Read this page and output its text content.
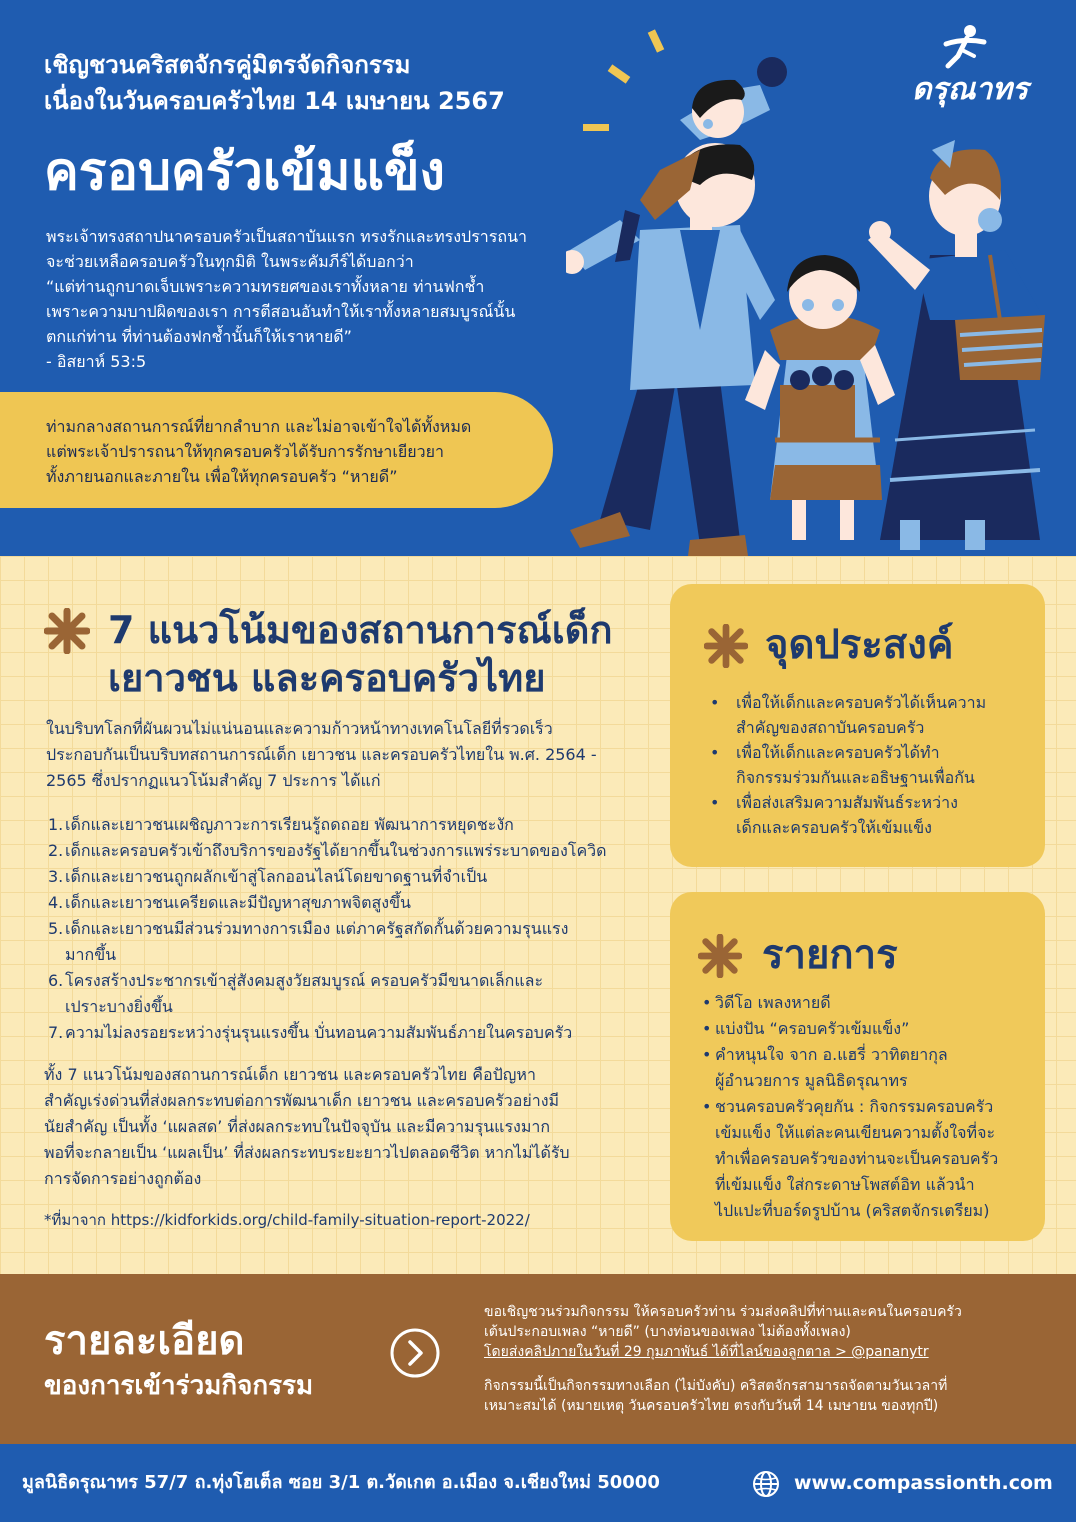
เชิญชวนคริสตจักรคู่มิตรจัดกิจกรรม
เนื่องในวันครอบครัวไทย 14 เมษายน 2567
ครอบครัวเข้มแข็ง
พระเจ้าทรงสถาปนาครอบครัวเป็นสถาบันแรก ทรงรักและทรงปรารถนา
จะช่วยเหลือครอบครัวในทุกมิติ ในพระคัมภีร์ได้บอกว่า
“แต่ท่านถูกบาดเจ็บเพราะความทรยศของเราทั้งหลาย ท่านฟกช้ำ
เพราะความบาปผิดของเรา การตีสอนอันทำให้เราทั้งหลายสมบูรณ์นั้น
ตกแก่ท่าน ที่ท่านต้องฟกช้ำนั้นก็ให้เราหายดี”
- อิสยาห์ 53:5
ท่ามกลางสถานการณ์ที่ยากลำบาก และไม่อาจเข้าใจได้ทั้งหมด
แต่พระเจ้าปรารถนาให้ทุกครอบครัวได้รับการรักษาเยียวยา
ทั้งภายนอกและภายใน เพื่อให้ทุกครอบครัว “หายดี”
ดรุณาทร
7 แนวโน้มของสถานการณ์เด็ก
เยาวชน และครอบครัวไทย
ในบริบทโลกที่ผันผวนไม่แน่นอนและความก้าวหน้าทางเทคโนโลยีที่รวดเร็ว
ประกอบกันเป็นบริบทสถานการณ์เด็ก เยาวชน และครอบครัวไทยใน พ.ศ. 2564 -
2565 ซึ่งปรากฏแนวโน้มสำคัญ 7 ประการ ได้แก่
1. เด็กและเยาวชนเผชิญภาวะการเรียนรู้ถดถอย พัฒนาการหยุดชะงัก
2. เด็กและครอบครัวเข้าถึงบริการของรัฐได้ยากขึ้นในช่วงการแพร่ระบาดของโควิด
3. เด็กและเยาวชนถูกผลักเข้าสู่โลกออนไลน์โดยขาดฐานที่จำเป็น
4. เด็กและเยาวชนเครียดและมีปัญหาสุขภาพจิตสูงขึ้น
5. เด็กและเยาวชนมีส่วนร่วมทางการเมือง แต่ภาครัฐสกัดกั้นด้วยความรุนแรง
มากขึ้น
6. โครงสร้างประชากรเข้าสู่สังคมสูงวัยสมบูรณ์ ครอบครัวมีขนาดเล็กและ
เปราะบางยิ่งขึ้น
7. ความไม่ลงรอยระหว่างรุ่นรุนแรงขึ้น บั่นทอนความสัมพันธ์ภายในครอบครัว
ทั้ง 7 แนวโน้มของสถานการณ์เด็ก เยาวชน และครอบครัวไทย คือปัญหา
สำคัญเร่งด่วนที่ส่งผลกระทบต่อการพัฒนาเด็ก เยาวชน และครอบครัวอย่างมี
นัยสำคัญ เป็นทั้ง ‘แผลสด’ ที่ส่งผลกระทบในปัจจุบัน และมีความรุนแรงมาก
พอที่จะกลายเป็น ‘แผลเป็น’ ที่ส่งผลกระทบระยะยาวไปตลอดชีวิต หากไม่ได้รับ
การจัดการอย่างถูกต้อง
*ที่มาจาก https://kidforkids.org/child-family-situation-report-2022/
จุดประสงค์
• เพื่อให้เด็กและครอบครัวได้เห็นความ
สำคัญของสถาบันครอบครัว
• เพื่อให้เด็กและครอบครัวได้ทำ
กิจกรรมร่วมกันและอธิษฐานเพื่อกัน
• เพื่อส่งเสริมความสัมพันธ์ระหว่าง
เด็กและครอบครัวให้เข้มแข็ง
รายการ
• วิดีโอ เพลงหายดี
• แบ่งปัน “ครอบครัวเข้มแข็ง”
• คำหนุนใจ จาก อ.แฮรี่ วาทิตยากุล
ผู้อำนวยการ มูลนิธิดรุณาทร
• ชวนครอบครัวคุยกัน : กิจกรรมครอบครัว
เข้มแข็ง ให้แต่ละคนเขียนความตั้งใจที่จะ
ทำเพื่อครอบครัวของท่านจะเป็นครอบครัว
ที่เข้มแข็ง ใส่กระดาษโพสต์อิท แล้วนำ
ไปแปะที่บอร์ดรูปบ้าน (คริสตจักรเตรียม)
รายละเอียด
ของการเข้าร่วมกิจกรรม
ขอเชิญชวนร่วมกิจกรรม ให้ครอบครัวท่าน ร่วมส่งคลิปที่ท่านและคนในครอบครัว
เต้นประกอบเพลง “หายดี” (บางท่อนของเพลง ไม่ต้องทั้งเพลง)
โดยส่งคลิปภายในวันที่ 29 กุมภาพันธ์ ได้ที่ไลน์ของลูกตาล > @pananytr
กิจกรรมนี้เป็นกิจกรรมทางเลือก (ไม่บังคับ) คริสตจักรสามารถจัดตามวันเวลาที่
เหมาะสมได้ (หมายเหตุ วันครอบครัวไทย ตรงกับวันที่ 14 เมษายน ของทุกปี)
มูลนิธิดรุณาทร 57/7 ถ.ทุ่งโฮเต็ล ซอย 3/1 ต.วัดเกต อ.เมือง จ.เชียงใหม่ 50000	www.compassionth.com
